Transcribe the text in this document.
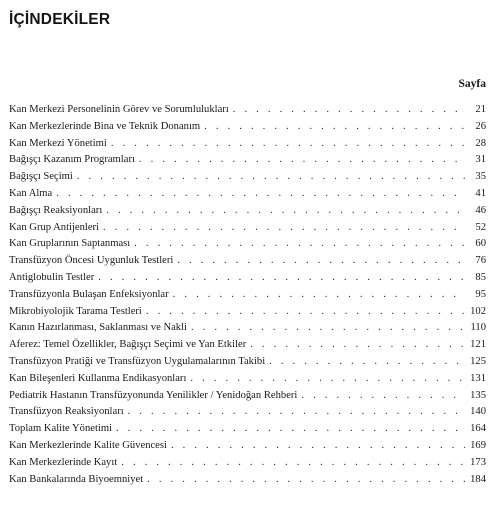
İÇİNDEKİLER
Sayfa
Kan Merkezi Personelinin Görev ve Sorumlulukları . . .	21
Kan Merkezlerinde Bina ve Teknik Donanım . . .	26
Kan Merkezi Yönetimi . . .	28
Bağışçı Kazanım Programları . . .	31
Bağışçı Seçimi . . .	35
Kan Alma . . .	41
Bağışçı Reaksiyonları . . .	46
Kan Grup Antijenleri . . .	52
Kan Gruplarının Saptanması . . .	60
Transfüzyon Öncesi Uygunluk Testleri . . .	76
Antiglobulin Testler . . .	85
Transfüzyonla Bulaşan Enfeksiyonlar . . .	95
Mikrobiyolojik Tarama Testleri . . .	102
Kanın Hazırlanması, Saklanması ve Nakli . . .	110
Aferez: Temel Özellikler, Bağışçı Seçimi ve Yan Etkiler . . .	121
Transfüzyon Pratiği ve Transfüzyon Uygulamalarının Takibi . . .	125
Kan Bileşenleri Kullanma Endikasyonları . . .	131
Pediatrik Hastanın Transfüzyonunda Yenilikler / Yenidoğan Rehberi . . .	135
Transfüzyon Reaksiyonları . . .	140
Toplam Kalite Yönetimi . . .	164
Kan Merkezlerinde Kalite Güvencesi . . .	169
Kan Merkezlerinde Kayıt . . .	173
Kan Bankalarında Biyoemniyet . . .	184
